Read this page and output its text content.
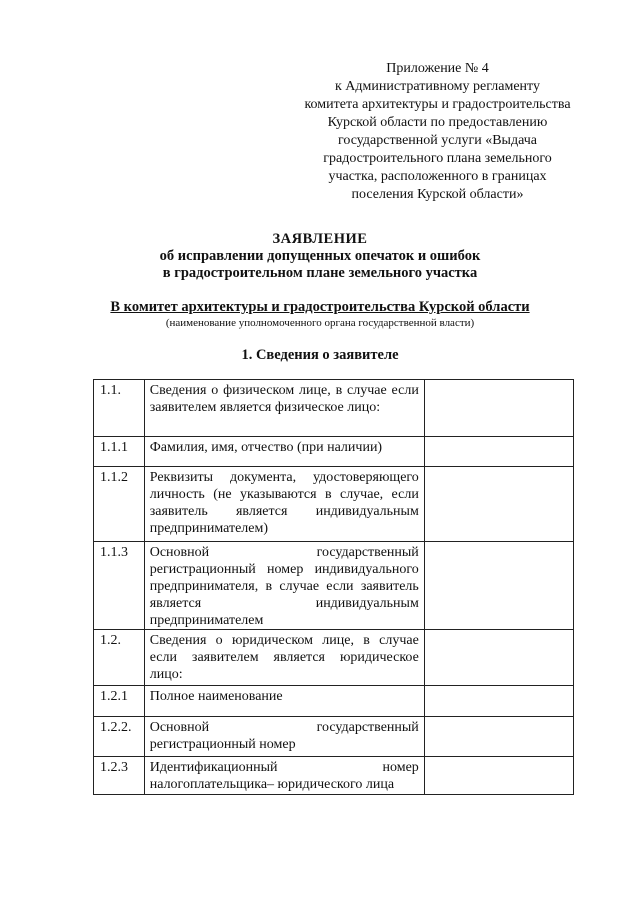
Приложение № 4
к Административному регламенту
комитета архитектуры и градостроительства
Курской области по предоставлению
государственной услуги «Выдача
градостроительного плана земельного
участка, расположенного в границах
поселения Курской области»
ЗАЯВЛЕНИЕ
об исправлении допущенных опечаток и ошибок
в градостроительном плане земельного участка
В комитет архитектуры и градостроительства Курской области
(наименование уполномоченного органа государственной власти)
1. Сведения о заявителе
1.1.	Сведения о физическом лице, в случае если заявителем является физическое лицо:	
1.1.1	Фамилия, имя, отчество (при наличии)	
1.1.2	Реквизиты документа, удостоверяющего личность (не указываются в случае, если заявитель является индивидуальным предпринимателем)	
1.1.3	Основной государственный регистрационный номер индивидуального предпринимателя, в случае если заявитель является индивидуальным предпринимателем	
1.2.	Сведения о юридическом лице, в случае если заявителем является юридическое лицо:	
1.2.1	Полное наименование	
1.2.2.	Основной государственный регистрационный номер	
1.2.3	Идентификационный номер налогоплательщика– юридического лица	
